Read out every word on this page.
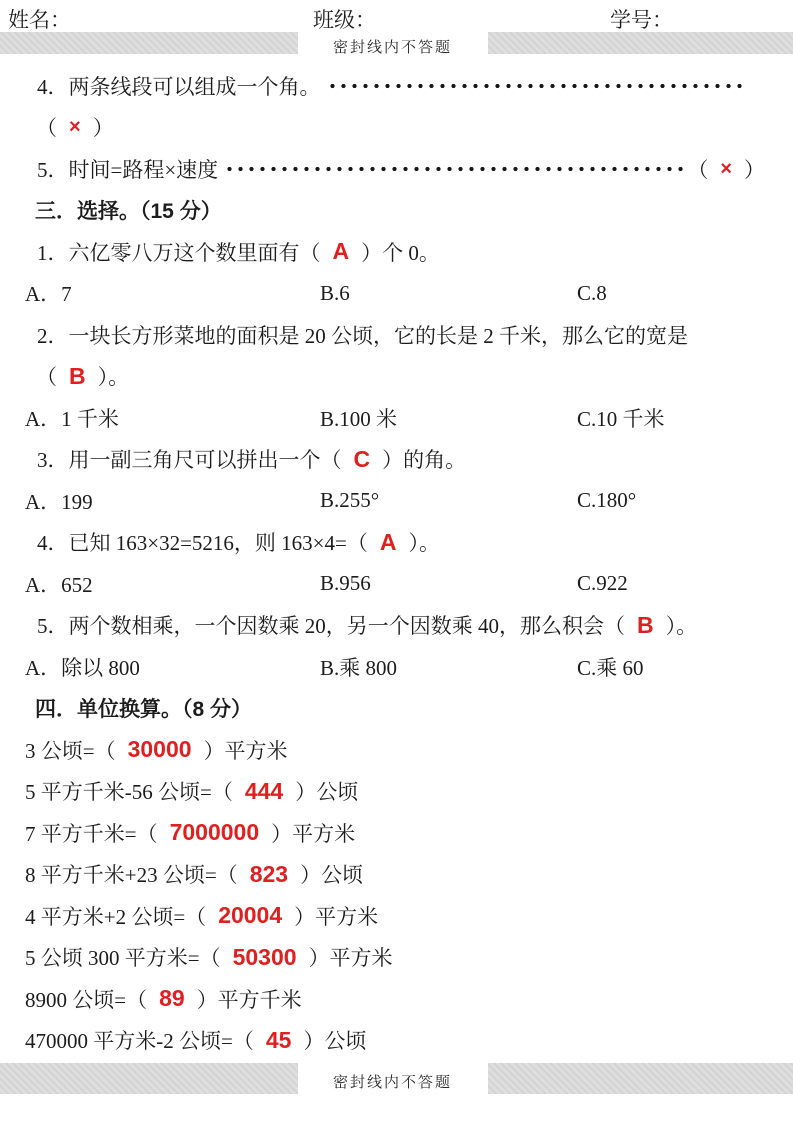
姓名：	班级：	学号：
密封线内不答题
4．两条线段可以组成一个角。
（ × ）
5．时间=路程×速度	（ × ）
三．选择。（15 分）
1．六亿零八万这个数里面有（ A ）个 0。
A．7	B.6	C.8
2．一块长方形菜地的面积是 20 公顷，它的长是 2 千米，那么它的宽是
（ B ）。
A．1 千米	B.100 米	C.10 千米
3．用一副三角尺可以拼出一个（ C ）的角。
A．199	B.255°	C.180°
4．已知 163×32=5216，则 163×4=（ A ）。
A．652	B.956	C.922
5．两个数相乘，一个因数乘 20，另一个因数乘 40，那么积会（ B ）。
A．除以 800	B.乘 800	C.乘 60
四．单位换算。（8 分）
3 公顷=（ 30000 ）平方米
5 平方千米-56 公顷=（ 444 ）公顷
7 平方千米=（ 7000000 ）平方米
8 平方千米+23 公顷=（ 823 ）公顷
4 平方米+2 公顷=（ 20004 ）平方米
5 公顷 300 平方米=（ 50300 ）平方米
8900 公顷=（ 89 ）平方千米
470000 平方米-2 公顷=（ 45 ）公顷
密封线内不答题
